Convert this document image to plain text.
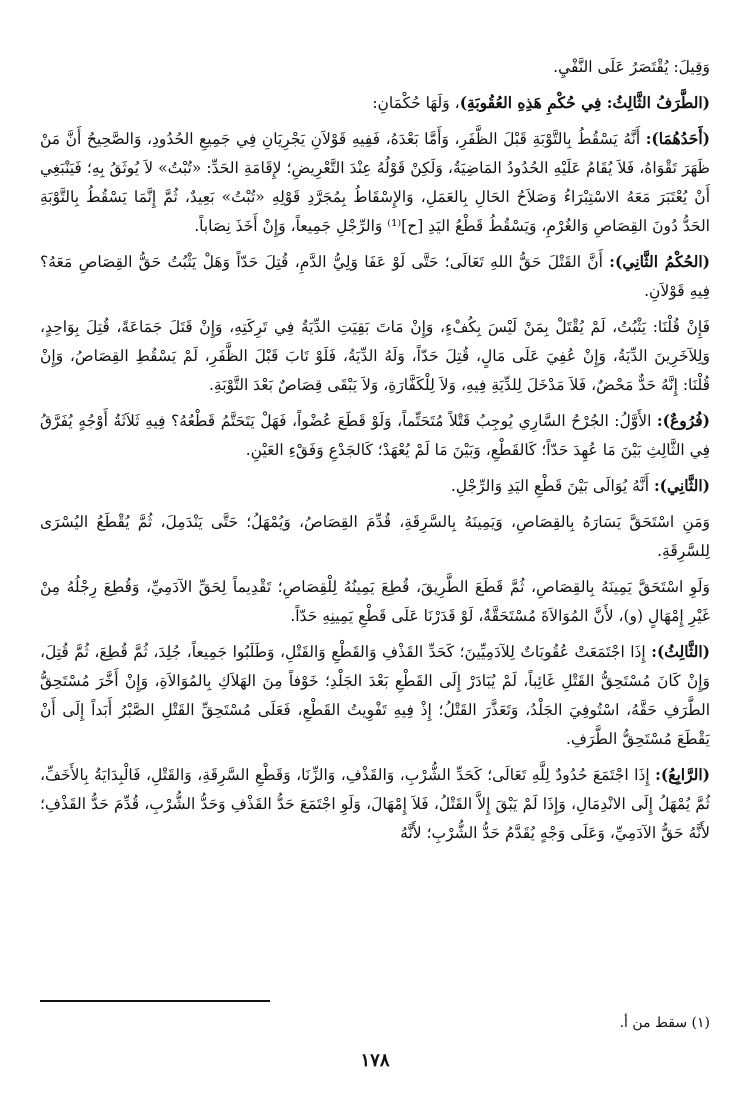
وَقِيلَ: يُقْتَصَرُ عَلَى النَّفْيِ.

(الطَّرَفُ الثَّالِثُ: فِي حُكْمِ هَذِهِ العُقُوبَةِ)، وَلَهَا حُكْمَانِ:

(أَحَدُهُمَا): أَنَّهُ يَسْقُطُ بِالتَّوْبَةِ قَبْلَ الظَّفَرِ، وَأَمَّا بَعْدَهُ، فَفِيهِ قَوْلاَنِ يَجْرِيَانِ فِي جَمِيعِ الحُدُودِ، وَالصَّحِيحُ أَنَّ مَنْ ظَهَرَ تَقْوَاهُ، فَلاَ يُقَامُ عَلَيْهِ الحُدُودُ المَاضِيَةُ، وَلَكِنْ قَوْلُهُ عِنْدَ التَّعْرِيضِ؛ لإِقَامَةِ الحَدِّ: «تُبْتُ» لاَ يُوثَقُ بِهِ؛ فَيَنْبَغِي أَنْ يُعْتَبَرَ مَعَهُ الاسْتِبْرَاءُ وَصَلاَحُ الحَالِ بِالعَمَلِ، وَالإِسْقَاطُ بِمُجَرَّدِ قَوْلِهِ «تُبْتُ» بَعِيدٌ، ثُمَّ إِنَّمَا يَسْقُطُ بِالتَّوْبَةِ الحَدُّ دُونَ القِصَاصِ وَالغُرْمِ، وَيَسْقُطُ قَطْعُ اليَدِ [ح]⁽¹⁾ وَالرِّجْلِ جَمِيعاً، وَإِنْ أَخَذَ نِصَاباً.

(الحُكْمُ الثَّانِي): أَنَّ القَتْلَ حَقُّ اللهِ تَعَالَى؛ حَتَّى لَوْ عَفَا وَلِيُّ الدَّمِ، قُتِلَ حَدّاً وَهَلْ يَثْبُتُ حَقُّ القِصَاصِ مَعَهُ؟ فِيهِ قَوْلاَنِ.

فَإِنْ قُلْنَا: يَثْبُتُ، لَمْ يُقْتَلْ بِمَنْ لَيْسَ بِكُفْءٍ، وَإِنْ مَاتَ بَقِيَتِ الدِّيَةُ فِي تَرِكَتِهِ، وَإِنْ قَتَلَ جَمَاعَةً، قُتِلَ بِوَاحِدٍ، وَلِلآخَرِينَ الدِّيَةُ، وَإِنْ عُفِيَ عَلَى مَالٍ، قُتِلَ حَدّاً، وَلَهُ الدِّيَةُ، فَلَوْ تَابَ قَبْلَ الظَّفَرِ، لَمْ يَسْقُطِ القِصَاصُ، وَإِنْ قُلْنَا: إِنَّهُ حَدٌّ مَحْضٌ، فَلاَ مَدْخَلَ لِلدِّيَةِ فِيهِ، وَلاَ لِلْكَفَّارَةِ، وَلاَ يَبْقَى قِصَاصٌ بَعْدَ التَّوْبَةِ.

(فُرُوعٌ): الأَوَّلُ: الجُرْحُ السَّارِي يُوجِبُ قَتْلاً مُتَحَتِّماً، وَلَوْ قَطَعَ عُضْواً، فَهَلْ يَتَحَتَّمُ قَطْعُهُ؟ فِيهِ ثَلاَثَةُ أَوْجُهٍ يُفَرَّقُ فِي الثَّالِثِ بَيْنَ مَا عُهِدَ حَدّاً؛ كَالقَطْعِ، وَبَيْنَ مَا لَمْ يُعْهَدْ؛ كَالجَدْعِ وَفَقْءِ العَيْنِ.

(الثَّانِي): أَنَّهُ يُوَالَى بَيْنَ قَطْعِ اليَدِ وَالرِّجْلِ.

وَمَنِ اسْتَحَقَّ يَسَارَهُ بِالقِصَاصِ، وَيَمِينَهُ بِالسَّرِقَةِ، قُدِّمَ القِصَاصُ، وَيُمْهَلُ؛ حَتَّى يَنْدَمِلَ، ثُمَّ يُقْطَعُ اليُسْرَى لِلسَّرِقَةِ.

وَلَوِ اسْتَحَقَّ يَمِينَهُ بِالقِصَاصِ، ثُمَّ قَطَعَ الطَّرِيقَ، قُطِعَ يَمِينُهُ لِلْقِصَاصِ؛ تَقْدِيماً لِحَقِّ الآدَمِيِّ، وَقُطِعَ رِجْلُهُ مِنْ غَيْرِ إِمْهَالٍ (و)، لأَنَّ المُوَالاَةَ مُسْتَحَقَّةٌ، لَوْ قَدَرْنَا عَلَى قَطْعِ يَمِينِهِ حَدّاً.

(الثَّالِثُ): إِذَا اجْتَمَعَتْ عُقُوبَاتٌ لِلآدَمِيِّينَ؛ كَحَدِّ القَذْفِ وَالقَطْعِ وَالقَتْلِ، وَطَلَبُوا جَمِيعاً، جُلِدَ، ثُمَّ قُطِعَ، ثُمَّ قُتِلَ، وَإِنْ كَانَ مُسْتَحِقُّ القَتْلِ غَائِباً، لَمْ يُبَادَرْ إِلَى القَطْعِ بَعْدَ الجَلْدِ؛ خَوْفاً مِنَ الهَلاَكِ بِالمُوَالاَةِ، وَإِنْ أَخَّرَ مُسْتَحِقُّ الطَّرَفِ حَقَّهُ، اسْتُوفِيَ الجَلْدُ، وَتَعَذَّرَ القَتْلُ؛ إِذْ فِيهِ تَفْوِيتُ القَطْعِ، فَعَلَى مُسْتَحِقِّ القَتْلِ الصَّبْرُ أَبَداً إِلَى أَنْ يَقْطَعَ مُسْتَحِقُّ الطَّرَفِ.

(الرَّابِعُ): إِذَا اجْتَمَعَ حُدُودٌ لِلَّهِ تَعَالَى؛ كَحَدِّ الشُّرْبِ، وَالقَذْفِ، وَالزِّنَا، وَقَطْعِ السَّرِقَةِ، وَالقَتْلِ، فَالْبِدَايَةُ بِالأَخَفِّ، ثُمَّ يُمْهَلُ إِلَى الانْدِمَالِ، وَإِذَا لَمْ يَبْقَ إِلاَّ القَتْلُ، فَلاَ إِمْهَالَ، وَلَوِ اجْتَمَعَ حَدُّ القَذْفِ وَحَدُّ الشُّرْبِ، قُدِّمَ حَدُّ القَذْفِ؛ لأَنَّهُ حَقُّ الآدَمِيِّ، وَعَلَى وَجْهٍ يُقَدَّمُ حَدُّ الشُّرْبِ؛ لأَنَّهُ

(١) سقط من أ.
١٧٨
